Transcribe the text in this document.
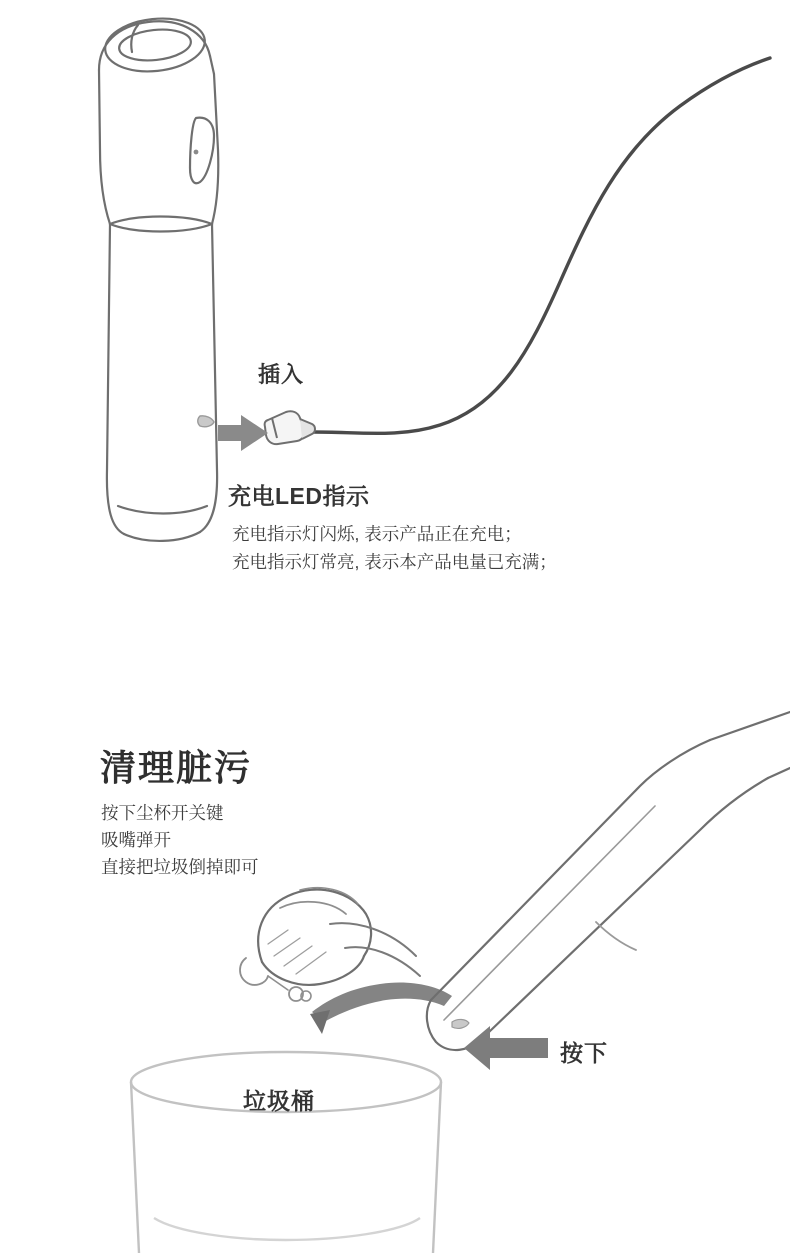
插入
充电LED指示
充电指示灯闪烁, 表示产品正在充电；
充电指示灯常亮, 表示本产品电量已充满；
清理脏污
按下尘杯开关键
吸嘴弹开
直接把垃圾倒掉即可
按下
垃圾桶
